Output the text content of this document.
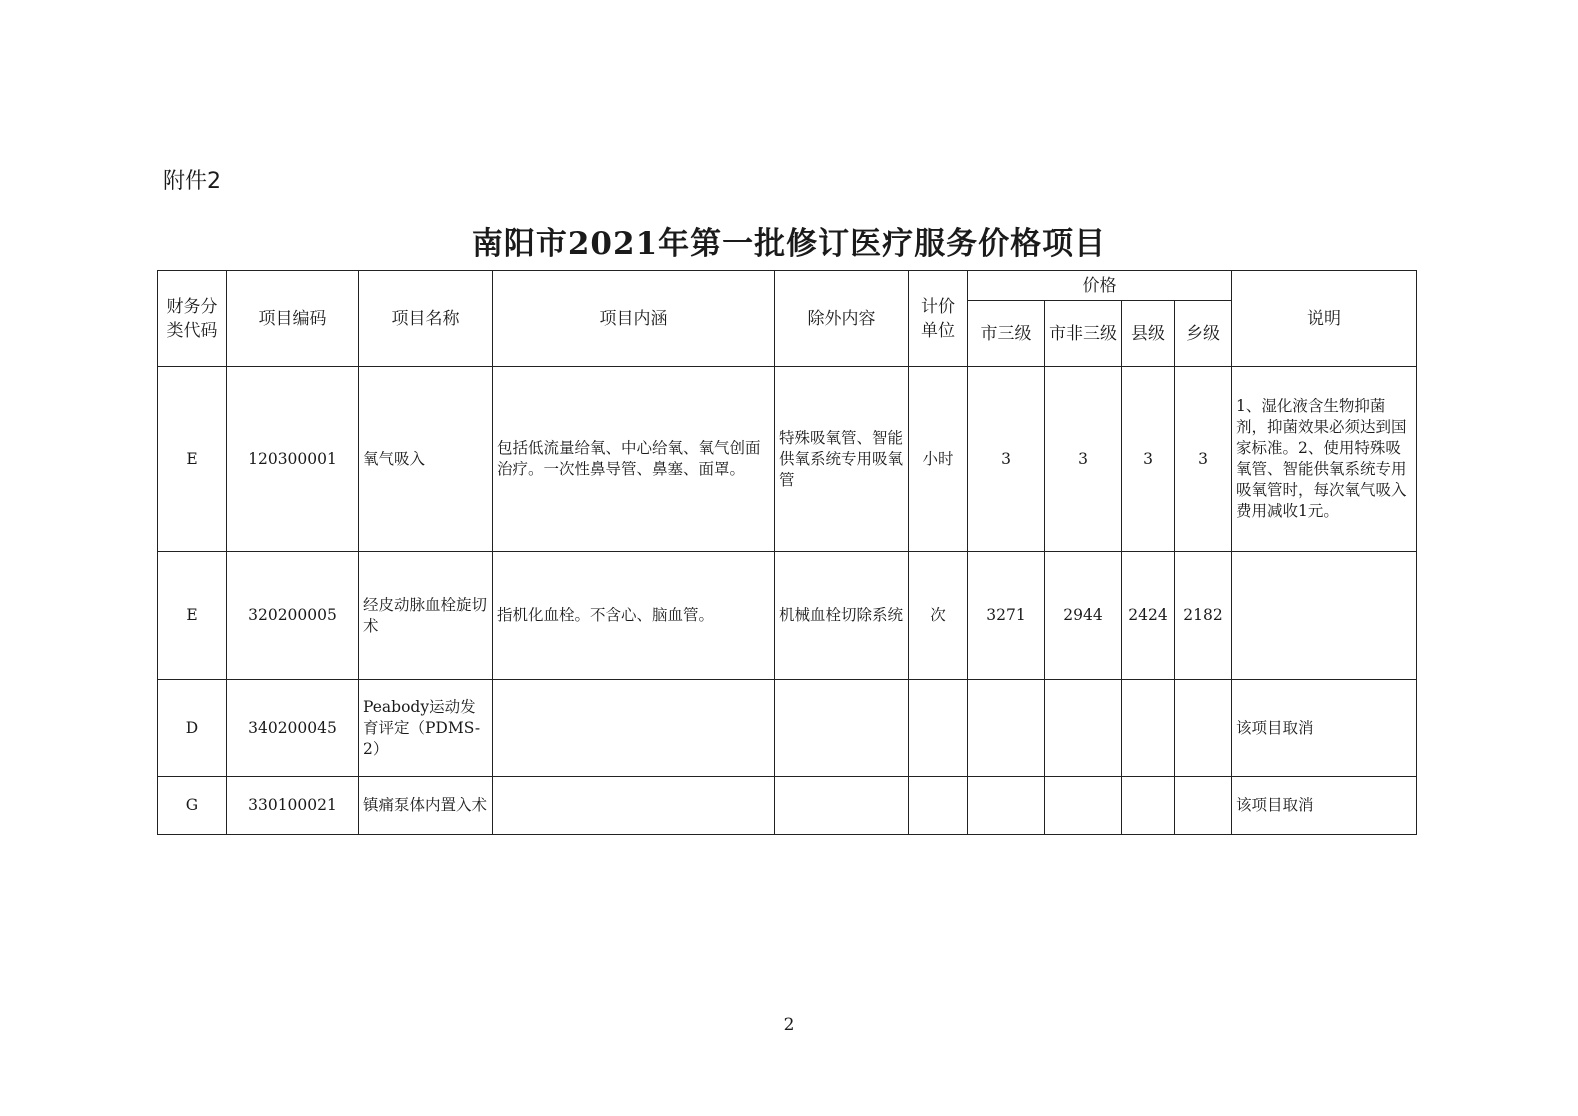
附件2
南阳市2021年第一批修订医疗服务价格项目
财务分类代码	项目编码	项目名称	项目内涵	除外内容	计价单位	价格				说明
						市三级	市非三级	县级	乡级	
E	120300001	氧气吸入	包括低流量给氧、中心给氧、氧气创面治疗。一次性鼻导管、鼻塞、面罩。	特殊吸氧管、智能供氧系统专用吸氧管	小时	3	3	3	3	1、湿化液含生物抑菌剂，抑菌效果必须达到国家标准。2、使用特殊吸氧管、智能供氧系统专用吸氧管时，每次氧气吸入费用减收1元。
E	320200005	经皮动脉血栓旋切术	指机化血栓。不含心、脑血管。	机械血栓切除系统	次	3271	2944	2424	2182	
D	340200045	Peabody运动发育评定（PDMS-2）								该项目取消
G	330100021	镇痛泵体内置入术								该项目取消
2
